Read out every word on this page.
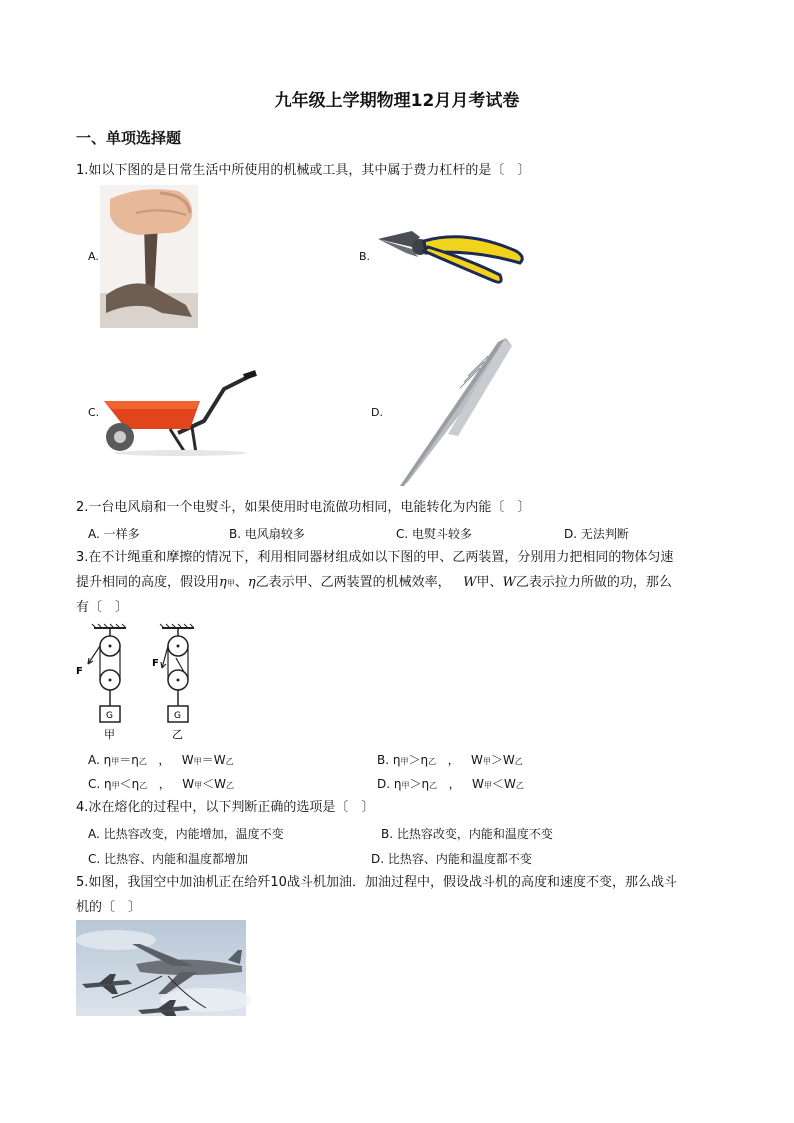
九年级上学期物理12月月考试卷
一、单项选择题
1.如以下图的是日常生活中所使用的机械或工具，其中属于费力杠杆的是〔　〕
A.	B.
C.	D.
2.一台电风扇和一个电熨斗，如果使用时电流做功相同，电能转化为内能〔　〕
A. 一样多	B. 电风扇较多	C. 电熨斗较多	D. 无法判断
3.在不计绳重和摩擦的情况下，利用相同器材组成如以下图的甲、乙两装置，分别用力把相同的物体匀速
提升相同的高度，假设用η甲、η乙表示甲、乙两装置的机械效率， W甲、W乙表示拉力所做的功，那么
有〔　〕
F
F
G	G
甲	乙
A. η甲＝η乙 ， W甲＝W乙	B. η甲＞η乙 ， W甲＞W乙
C. η甲＜η乙 ， W甲＜W乙	D. η甲＞η乙 ， W甲＜W乙
4.冰在熔化的过程中，以下判断正确的选项是〔　〕
A. 比热容改变，内能增加，温度不变	B. 比热容改变，内能和温度不变
C. 比热容、内能和温度都增加	D. 比热容、内能和温度都不变
5.如图，我国空中加油机正在给歼10战斗机加油．加油过程中，假设战斗机的高度和速度不变，那么战斗
机的〔　〕
